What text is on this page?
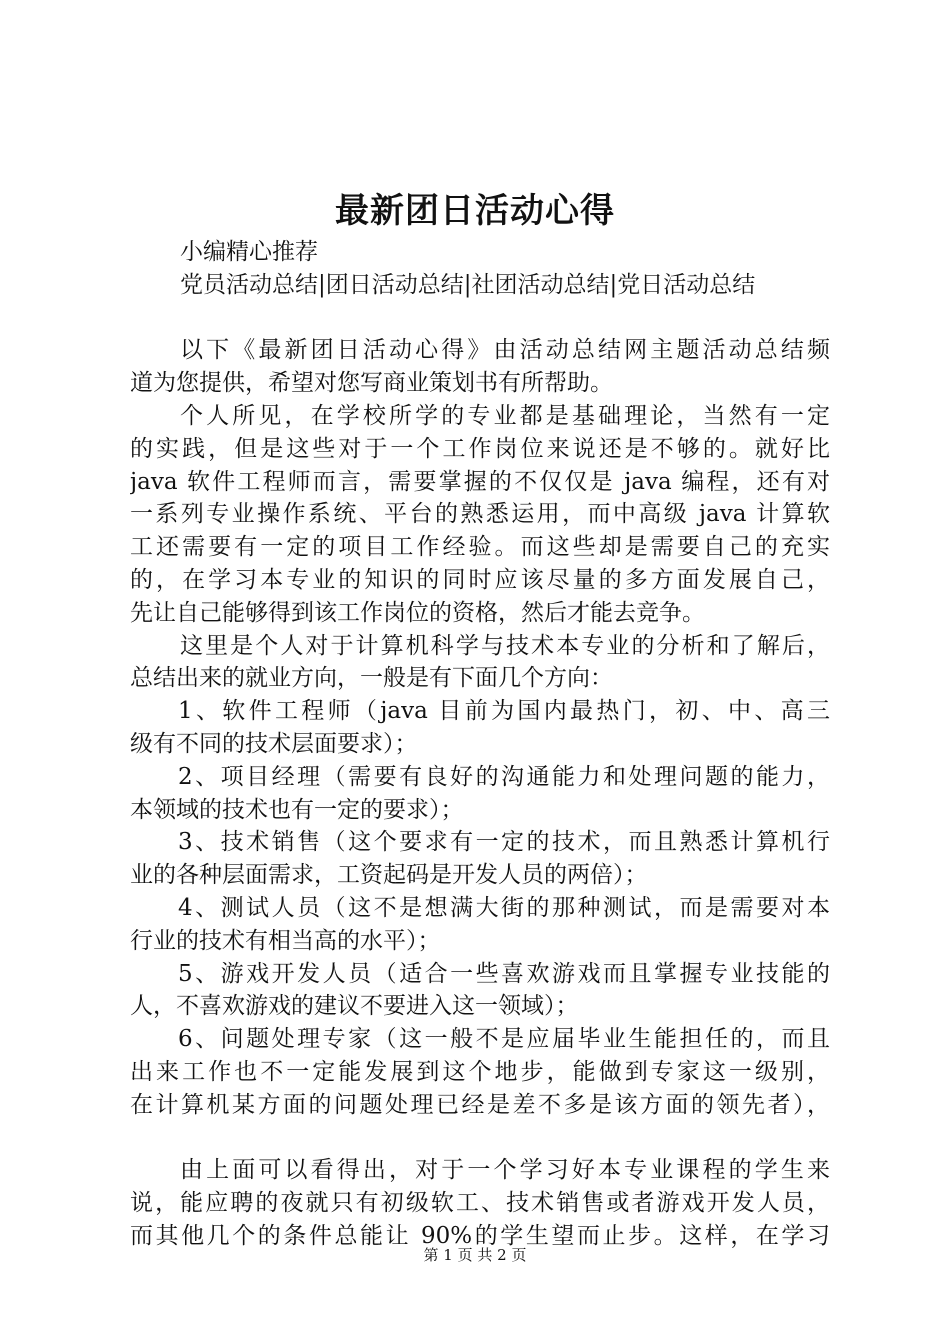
最新团日活动心得
小编精心推荐
党员活动总结|团日活动总结|社团活动总结|党日活动总结
以下《最新团日活动心得》由活动总结网主题活动总结频
道为您提供，希望对您写商业策划书有所帮助。
个人所见，在学校所学的专业都是基础理论，当然有一定
的实践，但是这些对于一个工作岗位来说还是不够的。就好比
java 软件工程师而言，需要掌握的不仅仅是 java 编程，还有对
一系列专业操作系统、平台的熟悉运用，而中高级 java 计算软
工还需要有一定的项目工作经验。而这些却是需要自己的充实
的，在学习本专业的知识的同时应该尽量的多方面发展自己，
先让自己能够得到该工作岗位的资格，然后才能去竞争。
这里是个人对于计算机科学与技术本专业的分析和了解后，
总结出来的就业方向，一般是有下面几个方向：
1、软件工程师（java 目前为国内最热门，初、中、高三
级有不同的技术层面要求）；
2、项目经理（需要有良好的沟通能力和处理问题的能力，
本领域的技术也有一定的要求）；
3、技术销售（这个要求有一定的技术，而且熟悉计算机行
业的各种层面需求，工资起码是开发人员的两倍）；
4、测试人员（这不是想满大街的那种测试，而是需要对本
行业的技术有相当高的水平）；
5、游戏开发人员（适合一些喜欢游戏而且掌握专业技能的
人，不喜欢游戏的建议不要进入这一领域）；
6、问题处理专家（这一般不是应届毕业生能担任的，而且
出来工作也不一定能发展到这个地步，能做到专家这一级别，
在计算机某方面的问题处理已经是差不多是该方面的领先者），
由上面可以看得出，对于一个学习好本专业课程的学生来
说，能应聘的夜就只有初级软工、技术销售或者游戏开发人员，
而其他几个的条件总能让 90%的学生望而止步。这样，在学习
第 1 页 共 2 页
